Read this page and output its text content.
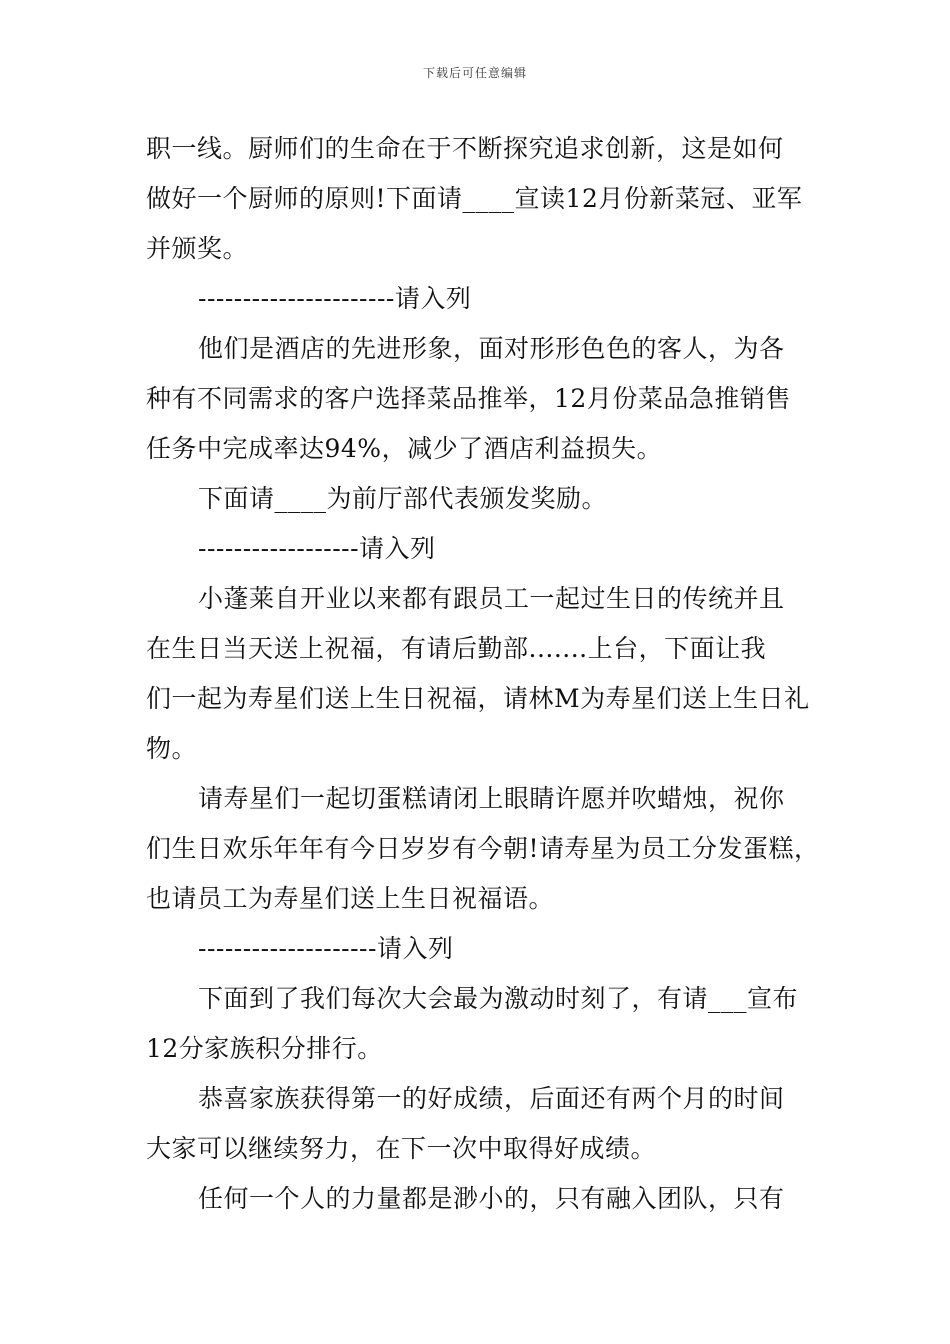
下载后可任意编辑
职一线。厨师们的生命在于不断探究追求创新，这是如何
做好一个厨师的原则!下面请____宣读12月份新菜冠、亚军
并颁奖。
----------------------请入列
他们是酒店的先进形象，面对形形色色的客人，为各
种有不同需求的客户选择菜品推举，12月份菜品急推销售
任务中完成率达94%，减少了酒店利益损失。
下面请____为前厅部代表颁发奖励。
------------------请入列
小蓬莱自开业以来都有跟员工一起过生日的传统并且
在生日当天送上祝福，有请后勤部.......上台，下面让我
们一起为寿星们送上生日祝福，请林M为寿星们送上生日礼
物。
请寿星们一起切蛋糕请闭上眼睛许愿并吹蜡烛，祝你
们生日欢乐年年有今日岁岁有今朝!请寿星为员工分发蛋糕，
也请员工为寿星们送上生日祝福语。
--------------------请入列
下面到了我们每次大会最为激动时刻了，有请___宣布
12分家族积分排行。
恭喜家族获得第一的好成绩，后面还有两个月的时间
大家可以继续努力，在下一次中取得好成绩。
任何一个人的力量都是渺小的，只有融入团队，只有
